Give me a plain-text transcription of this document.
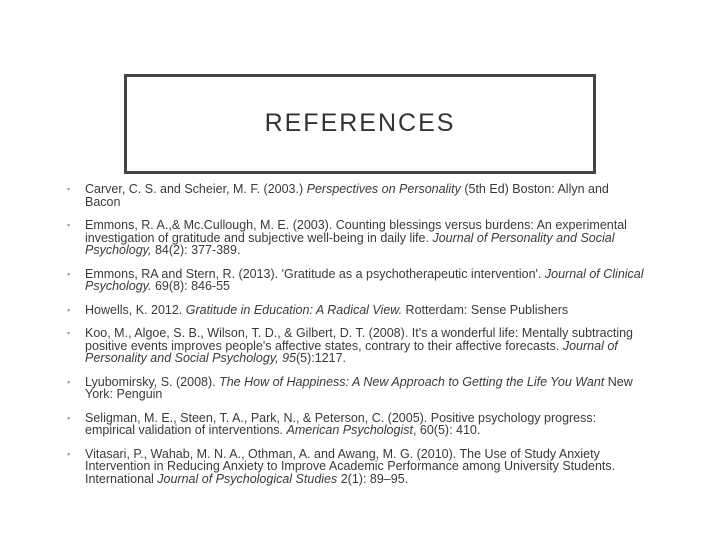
REFERENCES
▪ Carver, C. S. and Scheier, M. F. (2003.) Perspectives on Personality (5th Ed) Boston: Allyn and Bacon
▪ Emmons, R. A.,& Mc.Cullough, M. E. (2003). Counting blessings versus burdens: An experimental investigation of gratitude and subjective well-being in daily life. Journal of Personality and Social Psychology, 84(2): 377-389.
▪ Emmons, RA and Stern, R. (2013). 'Gratitude as a psychotherapeutic intervention'. Journal of Clinical Psychology. 69(8): 846-55
▪ Howells, K. 2012. Gratitude in Education: A Radical View. Rotterdam: Sense Publishers
▪ Koo, M., Algoe, S. B., Wilson, T. D., & Gilbert, D. T. (2008). It's a wonderful life: Mentally subtracting positive events improves people's affective states, contrary to their affective forecasts. Journal of Personality and Social Psychology, 95(5):1217.
▪ Lyubomirsky, S. (2008). The How of Happiness: A New Approach to Getting the Life You Want New York: Penguin
▪ Seligman, M. E., Steen, T. A., Park, N., & Peterson, C. (2005). Positive psychology progress: empirical validation of interventions. American Psychologist, 60(5): 410.
▪ Vitasari, P., Wahab, M. N. A., Othman, A. and Awang, M. G. (2010). The Use of Study Anxiety Intervention in Reducing Anxiety to Improve Academic Performance among University Students. International Journal of Psychological Studies 2(1): 89–95.
